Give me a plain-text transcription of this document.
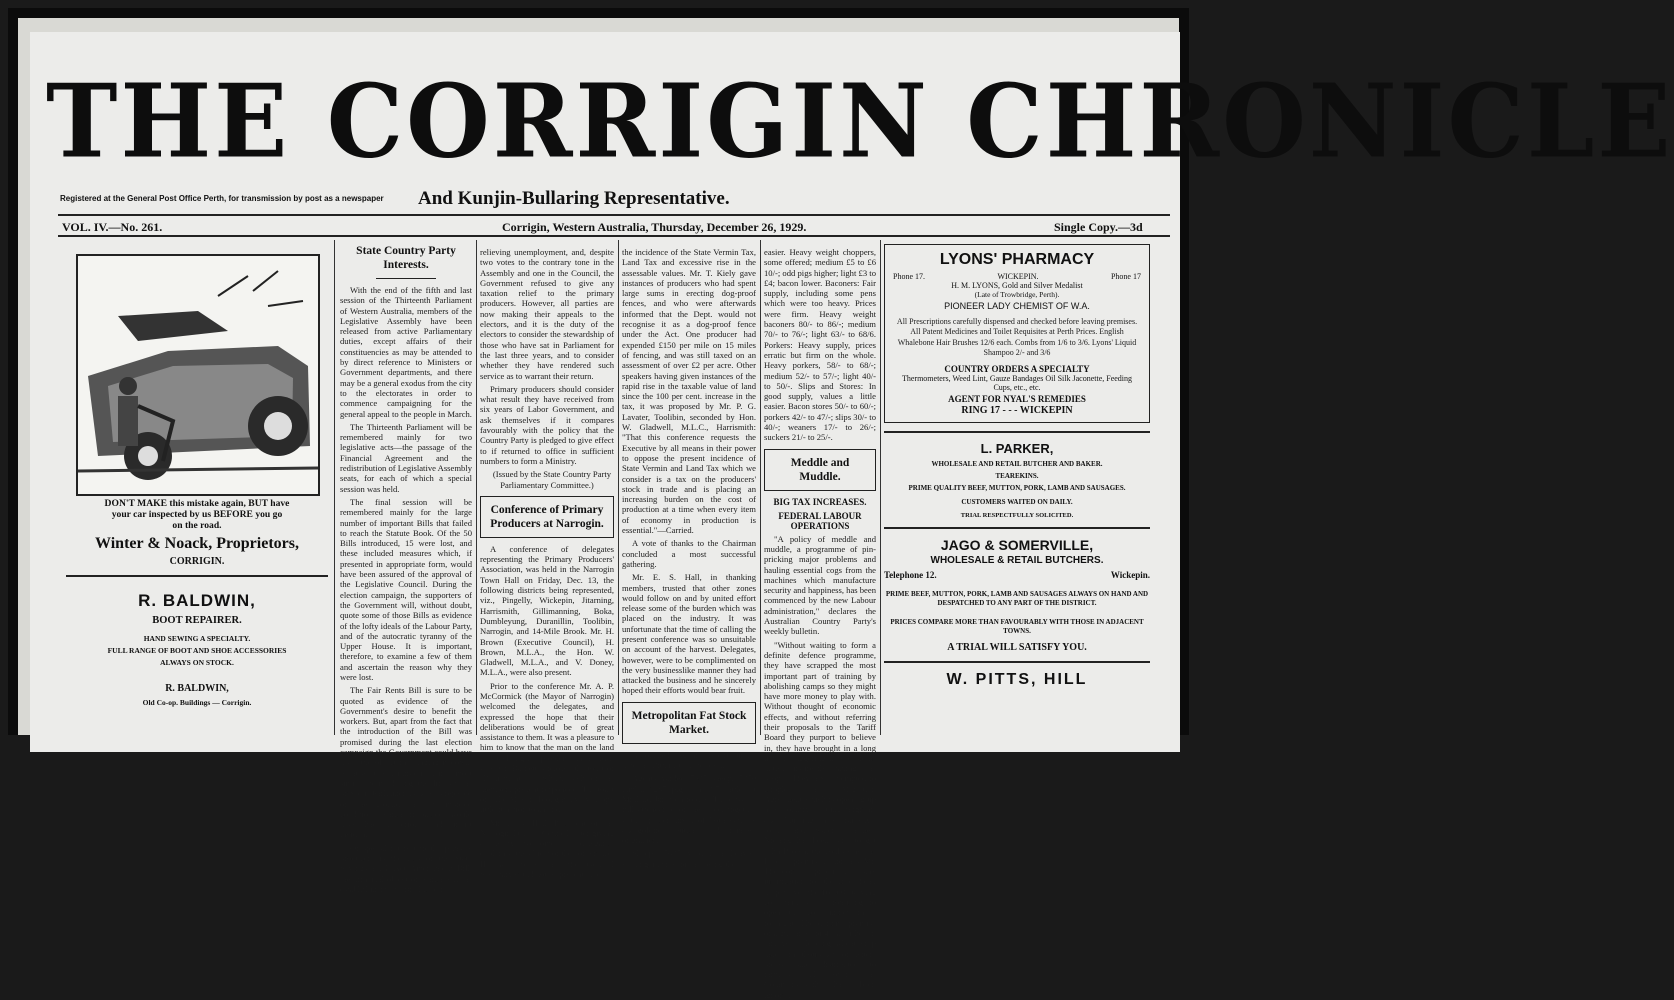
THE CORRIGIN CHRONICLE
Registered at the General Post Office Perth, for transmission by post as a newspaper And Kunjin-Bullaring Representative.
VOL. IV.—No. 261.	Corrigin, Western Australia, Thursday, December 26, 1929.	Single Copy.—3d
DON'T MAKE this mistake again, BUT have
your car inspected by us BEFORE you go
on the road.
Winter & Noack, Proprietors,
CORRIGIN.
R. BALDWIN,
BOOT REPAIRER.
HAND SEWING A SPECIALTY.
FULL RANGE OF BOOT AND SHOE ACCESSORIES
ALWAYS ON STOCK.
R. BALDWIN,
Old Co-op. Buildings — Corrigin.
State Country Party
Interests.

With the end of the fifth and last session of the Thirteenth Parliament of Western Australia, members of the Legislative Assembly have been released from active Parliamentary duties, except affairs of their constituencies as may be attended to by direct reference to Ministers or Government departments, and there may be a general exodus from the city to the electorates in order to commence campaigning for the general appeal to the people in March.

The Thirteenth Parliament will be remembered mainly for two legislative acts—the passage of the Financial Agreement and the redistribution of Legislative Assembly seats, for each of which a special session was held.

The final session will be remembered mainly for the large number of important Bills that failed to reach the Statute Book. Of the 50 Bills introduced, 15 were lost, and these included measures which, if presented in appropriate form, would have been assured of the approval of the Legislative Council. During the election campaign, the supporters of the Government will, without doubt, quote some of those Bills as evidence of the lofty ideals of the Labour Party, and of the autocratic tyranny of the Upper House. It is important, therefore, to examine a few of them and ascertain the reason why they were lost.

The Fair Rents Bill is sure to be quoted as evidence of the Government's desire to benefit the workers. But, apart from the fact that the introduction of the Bill was promised during the last election campaign the Government could have had little object in bringing it down, because it was introduced in almost similar form during the life of the previous Parliament, and was rejected on the ground that it imposed conditions which, if passed, would have had a serious and unjust incidence.

Of special interest to the primary producers is the loss of the State Savings Bank Act Amendment Bill, the principal object of which was the establishment of a rural credits

relieving unemployment, and, despite two votes to the contrary tone in the Assembly and one in the Council, the Government refused to give any taxation relief to the primary producers. However, all parties are now making their appeals to the electors, and it is the duty of the electors to consider the stewardship of those who have sat in Parliament for the last three years, and to consider whether they have rendered such service as to warrant their return.

Primary producers should consider what result they have received from six years of Labor Government, and ask themselves if it compares favourably with the policy that the Country Party is pledged to give effect to if returned to office in sufficient numbers to form a Ministry.

(Issued by the State Country Party Parliamentary Committee.)

Conference of Primary
Producers at Narrogin.

A conference of delegates representing the Primary Producers' Association, was held in the Narrogin Town Hall on Friday, Dec. 13, the following districts being represented, viz., Pingelly, Wickepin, Jitarning, Harrismith, Gillimanning, Boka, Dumbleyung, Duranillin, Toolibin, Narrogin, and 14-Mile Brook. Mr. H. Brown (Executive Council), H. Brown, M.L.A., the Hon. W. Gladwell, M.L.A., and V. Doney, M.L.A., were also present.

Prior to the conference Mr. A. P. McCormick (the Mayor of Narrogin) welcomed the delegates, and expressed the hope that their deliberations would be of great assistance to them. It was a pleasure to him to know that the man on the land was tackling his problems in his own way. Cr. Barnett proposed the toast of "Parliament" to which each of the members present responded. The toast of "The Mayor" brought a very happy little function to an end.

Mr. E. S. Hall, President of the Narrogin District Council, after giving a hearty welcome to delegates, explained the object of the conference. He was sorry that the General Secretary could not be present, and

the incidence of the State Vermin Tax, Land Tax and excessive rise in the assessable values. Mr. T. Kiely gave instances of producers who had spent large sums in erecting dog-proof fences, and who were afterwards informed that the Dept. would not recognise it as a dog-proof fence under the Act. One producer had expended £150 per mile on 15 miles of fencing, and was still taxed on an assessment of over £2 per acre. Other speakers having given instances of the rapid rise in the taxable value of land since the 100 per cent. increase in the tax, it was proposed by Mr. P. G. Lavater, Toolibin, seconded by Hon. W. Gladwell, M.L.C., Harrismith: "That this conference requests the Executive by all means in their power to oppose the present incidence of State Vermin and Land Tax which we consider is a tax on the producers' stock in trade and is placing an increasing burden on the cost of production at a time when every item of economy in production is essential."—Carried.

A vote of thanks to the Chairman concluded a most successful gathering.

Mr. E. S. Hall, in thanking members, trusted that other zones would follow on and by united effort release some of the burden which was placed on the industry. It was unfortunate that the time of calling the present conference was so unsuitable on account of the harvest. Delegates, however, were to be complimented on the very businesslike manner they had attacked the business and he sincerely hoped their efforts would bear fruit.

Metropolitan Fat Stock
Market.

Associated Agents report under date the 18th inst., as follows:—

Agents yarded 7637 sheep, 7850 lambs, 1265 pigs, and 97 cattle, at Midland Junction to-day. There was a full attendance of the trade, together with representatives of both country and goldfields butchers and a number of graziers.

Sheep.—7637 yarded—a heavier yarding, in view of this being the

easier. Heavy weight choppers, some offered; medium £5 to £6 10/-; odd pigs higher; light £3 to £4; bacon lower. Baconers: Fair supply, including some pens which were too heavy. Prices were firm. Heavy weight baconers 80/- to 86/-; medium 70/- to 76/-; light 63/- to 68/6. Porkers: Heavy supply, prices erratic but firm on the whole. Heavy porkers, 58/- to 68/-; medium 52/- to 57/-; light 40/- to 50/-. Slips and Stores: In good supply, values a little easier. Bacon stores 50/- to 60/-; porkers 42/- to 47/-; slips 30/- to 40/-; weaners 17/- to 26/-; suckers 21/- to 25/-.

Meddle and Muddle.
BIG TAX INCREASES.
FEDERAL LABOUR OPERATIONS

"A policy of meddle and muddle, a programme of pin-pricking major problems and hauling essential cogs from the machines which manufacture security and happiness, has been commenced by the new Labour administration," declares the Australian Country Party's weekly bulletin.

"Without waiting to form a definite defence programme, they have scrapped the most important part of training by abolishing camps so they might have more money to play with. Without thought of economic effects, and without referring their proposals to the Tariff Board they purport to believe in, they have brought in a long list of staggering new customs duties indirectly taxing the people. They have attempted to cripple the Migration Agreement which is opening up new country, settling migrants and building new railways, roads and water schemes. Nothing has been done to get John Brown, the coal owner, as Labour promised, nor has Mr. Theodore produced any justification for the cruel hoax he put over the 16,000 starving coal miners in promising to open the coal mines in a fortnight. The definite promise of a guarantee of 4/- a bushel on this year's leading wheat crop made in thousands of letters posted and distributed to farmers all over the Commonwealth has been ignored.

LYONS' PHARMACY
Phone 17.	WICKEPIN.	Phone 17
H. M. LYONS, Gold and Silver Medalist
(Late of Trowbridge, Perth).
PIONEER LADY CHEMIST OF W.A.

All Prescriptions carefully dispensed and checked before leaving premises. All Patent Medicines and Toilet Requisites at Perth Prices. English Whalebone Hair Brushes 12/6 each. Combs from 1/6 to 3/6. Lyons' Liquid Shampoo 2/- and 3/6

COUNTRY ORDERS A SPECIALTY
Thermometers, Weed Lint, Gauze Bandages Oil Silk Jaconette, Feeding Cups, etc., etc.
AGENT FOR NYAL'S REMEDIES
RING 17 - - - WICKEPIN
L. PARKER,
WHOLESALE AND RETAIL BUTCHER AND BAKER.
TEAREKINS.
PRIME QUALITY BEEF, MUTTON, PORK, LAMB AND SAUSAGES.
CUSTOMERS WAITED ON DAILY.
TRIAL RESPECTFULLY SOLICITED.
JAGO & SOMERVILLE,
WHOLESALE & RETAIL BUTCHERS.
Telephone 12.	Wickepin.
PRIME BEEF, MUTTON, PORK, LAMB AND SAUSAGES ALWAYS ON HAND AND DESPATCHED TO ANY PART OF THE DISTRICT.
PRICES COMPARE MORE THAN FAVOURABLY WITH THOSE IN ADJACENT TOWNS.
A TRIAL WILL SATISFY YOU.
W. PITTS, HILL
